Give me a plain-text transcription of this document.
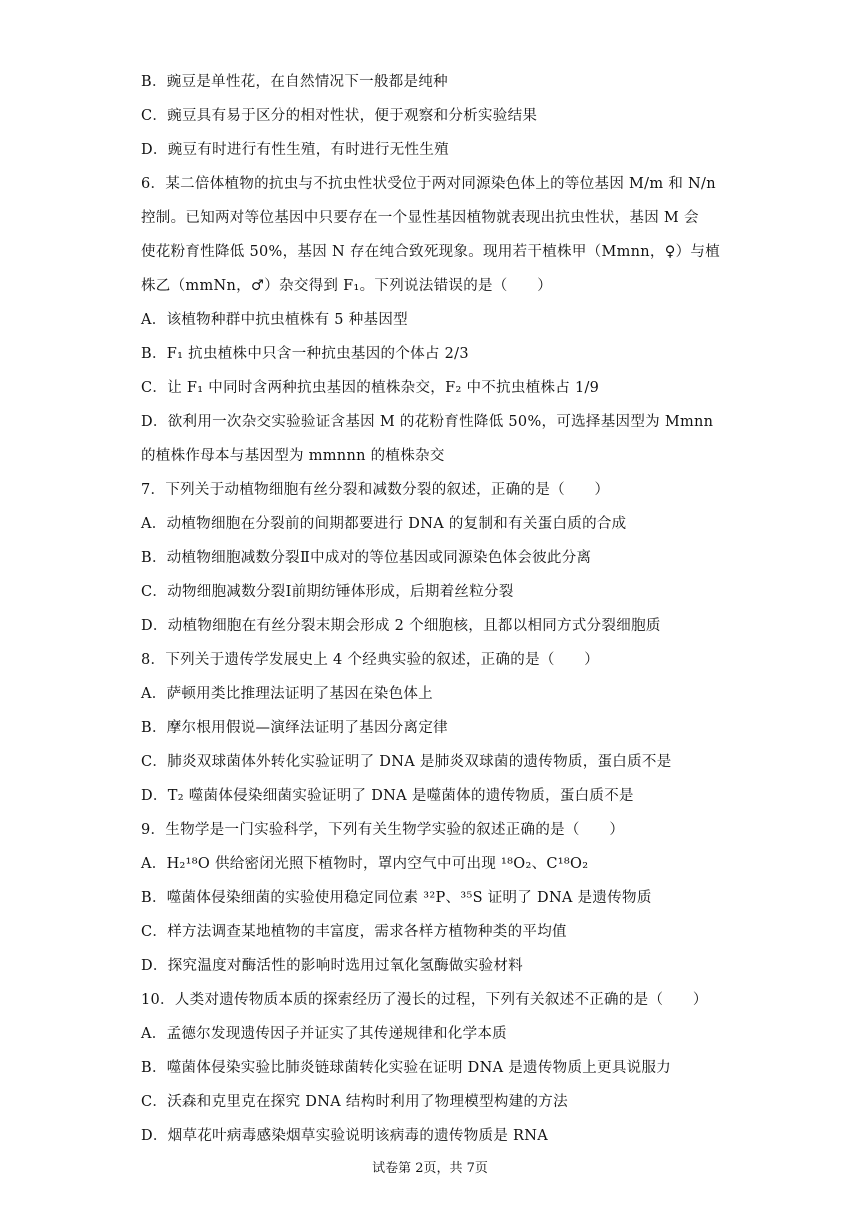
B．豌豆是单性花，在自然情况下一般都是纯种
C．豌豆具有易于区分的相对性状，便于观察和分析实验结果
D．豌豆有时进行有性生殖，有时进行无性生殖
6．某二倍体植物的抗虫与不抗虫性状受位于两对同源染色体上的等位基因 M/m 和 N/n
控制。已知两对等位基因中只要存在一个显性基因植物就表现出抗虫性状，基因 M 会
使花粉育性降低 50%，基因 N 存在纯合致死现象。现用若干植株甲（Mmnn，♀）与植
株乙（mmNn，♂）杂交得到 F₁。下列说法错误的是（　　）
A．该植物种群中抗虫植株有 5 种基因型
B．F₁ 抗虫植株中只含一种抗虫基因的个体占 2/3
C．让 F₁ 中同时含两种抗虫基因的植株杂交，F₂ 中不抗虫植株占 1/9
D．欲利用一次杂交实验验证含基因 M 的花粉育性降低 50%，可选择基因型为 Mmnn
的植株作母本与基因型为 mmnnn 的植株杂交
7．下列关于动植物细胞有丝分裂和减数分裂的叙述，正确的是（　　）
A．动植物细胞在分裂前的间期都要进行 DNA 的复制和有关蛋白质的合成
B．动植物细胞减数分裂Ⅱ中成对的等位基因或同源染色体会彼此分离
C．动物细胞减数分裂Ⅰ前期纺锤体形成，后期着丝粒分裂
D．动植物细胞在有丝分裂末期会形成 2 个细胞核，且都以相同方式分裂细胞质
8．下列关于遗传学发展史上 4 个经典实验的叙述，正确的是（　　）
A．萨顿用类比推理法证明了基因在染色体上
B．摩尔根用假说—演绎法证明了基因分离定律
C．肺炎双球菌体外转化实验证明了 DNA 是肺炎双球菌的遗传物质，蛋白质不是
D．T₂ 噬菌体侵染细菌实验证明了 DNA 是噬菌体的遗传物质，蛋白质不是
9．生物学是一门实验科学，下列有关生物学实验的叙述正确的是（　　）
A．H₂¹⁸O 供给密闭光照下植物时，罩内空气中可出现 ¹⁸O₂、C¹⁸O₂
B．噬菌体侵染细菌的实验使用稳定同位素 ³²P、³⁵S 证明了 DNA 是遗传物质
C．样方法调查某地植物的丰富度，需求各样方植物种类的平均值
D．探究温度对酶活性的影响时选用过氧化氢酶做实验材料
10．人类对遗传物质本质的探索经历了漫长的过程，下列有关叙述不正确的是（　　）
A．孟德尔发现遗传因子并证实了其传递规律和化学本质
B．噬菌体侵染实验比肺炎链球菌转化实验在证明 DNA 是遗传物质上更具说服力
C．沃森和克里克在探究 DNA 结构时利用了物理模型构建的方法
D．烟草花叶病毒感染烟草实验说明该病毒的遗传物质是 RNA
试卷第 2页，共 7页
